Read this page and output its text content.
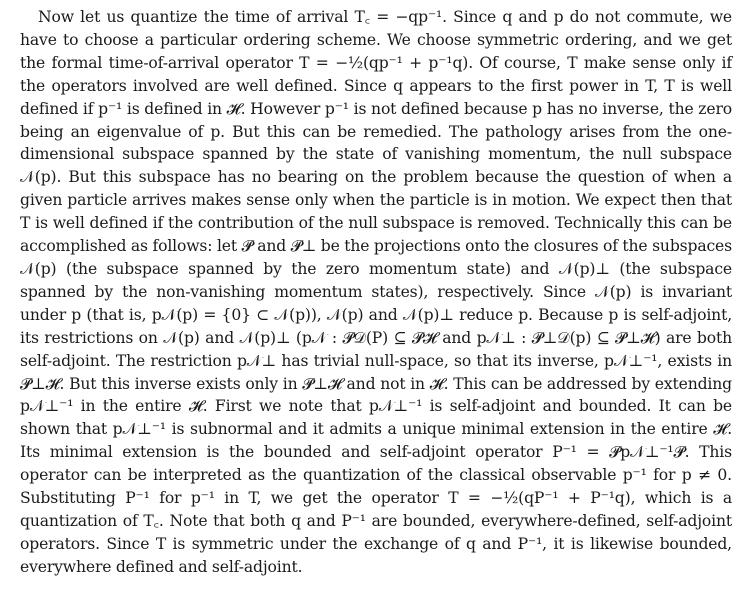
Now let us quantize the time of arrival T꜀ = −qp⁻¹. Since q and p do not commute, we have to choose a particular ordering scheme. We choose symmetric ordering, and we get the formal time-of-arrival operator T = −½(qp⁻¹ + p⁻¹q). Of course, T make sense only if the operators involved are well defined. Since q appears to the first power in T, T is well defined if p⁻¹ is defined in 𝓗. However p⁻¹ is not defined because p has no inverse, the zero being an eigenvalue of p. But this can be remedied. The pathology arises from the one-dimensional subspace spanned by the state of vanishing momentum, the null subspace 𝒩(p). But this subspace has no bearing on the problem because the question of when a given particle arrives makes sense only when the particle is in motion. We expect then that T is well defined if the contribution of the null subspace is removed. Technically this can be accomplished as follows: let 𝓟 and 𝓟⊥ be the projections onto the closures of the subspaces 𝒩(p) (the subspace spanned by the zero momentum state) and 𝒩(p)⊥ (the subspace spanned by the non-vanishing momentum states), respectively. Since 𝒩(p) is invariant under p (that is, p𝒩(p) = {0} ⊂ 𝒩(p)), 𝒩(p) and 𝒩(p)⊥ reduce p. Because p is self-adjoint, its restrictions on 𝒩(p) and 𝒩(p)⊥ (p𝒩 : 𝓟𝒟(P) ⊆ 𝓟𝓗 and p𝒩⊥ : 𝓟⊥𝒟(p) ⊆ 𝓟⊥𝓗) are both self-adjoint. The restriction p𝒩⊥ has trivial null-space, so that its inverse, p𝒩⊥⁻¹, exists in 𝓟⊥𝓗. But this inverse exists only in 𝓟⊥𝓗 and not in 𝓗. This can be addressed by extending p𝒩⊥⁻¹ in the entire 𝓗. First we note that p𝒩⊥⁻¹ is self-adjoint and bounded. It can be shown that p𝒩⊥⁻¹ is subnormal and it admits a unique minimal extension in the entire 𝓗. Its minimal extension is the bounded and self-adjoint operator P⁻¹ = 𝓟p𝒩⊥⁻¹𝓟. This operator can be interpreted as the quantization of the classical observable p⁻¹ for p ≠ 0. Substituting P⁻¹ for p⁻¹ in T, we get the operator T = −½(qP⁻¹ + P⁻¹q), which is a quantization of T꜀. Note that both q and P⁻¹ are bounded, everywhere-defined, self-adjoint operators. Since T is symmetric under the exchange of q and P⁻¹, it is likewise bounded, everywhere defined and self-adjoint.
